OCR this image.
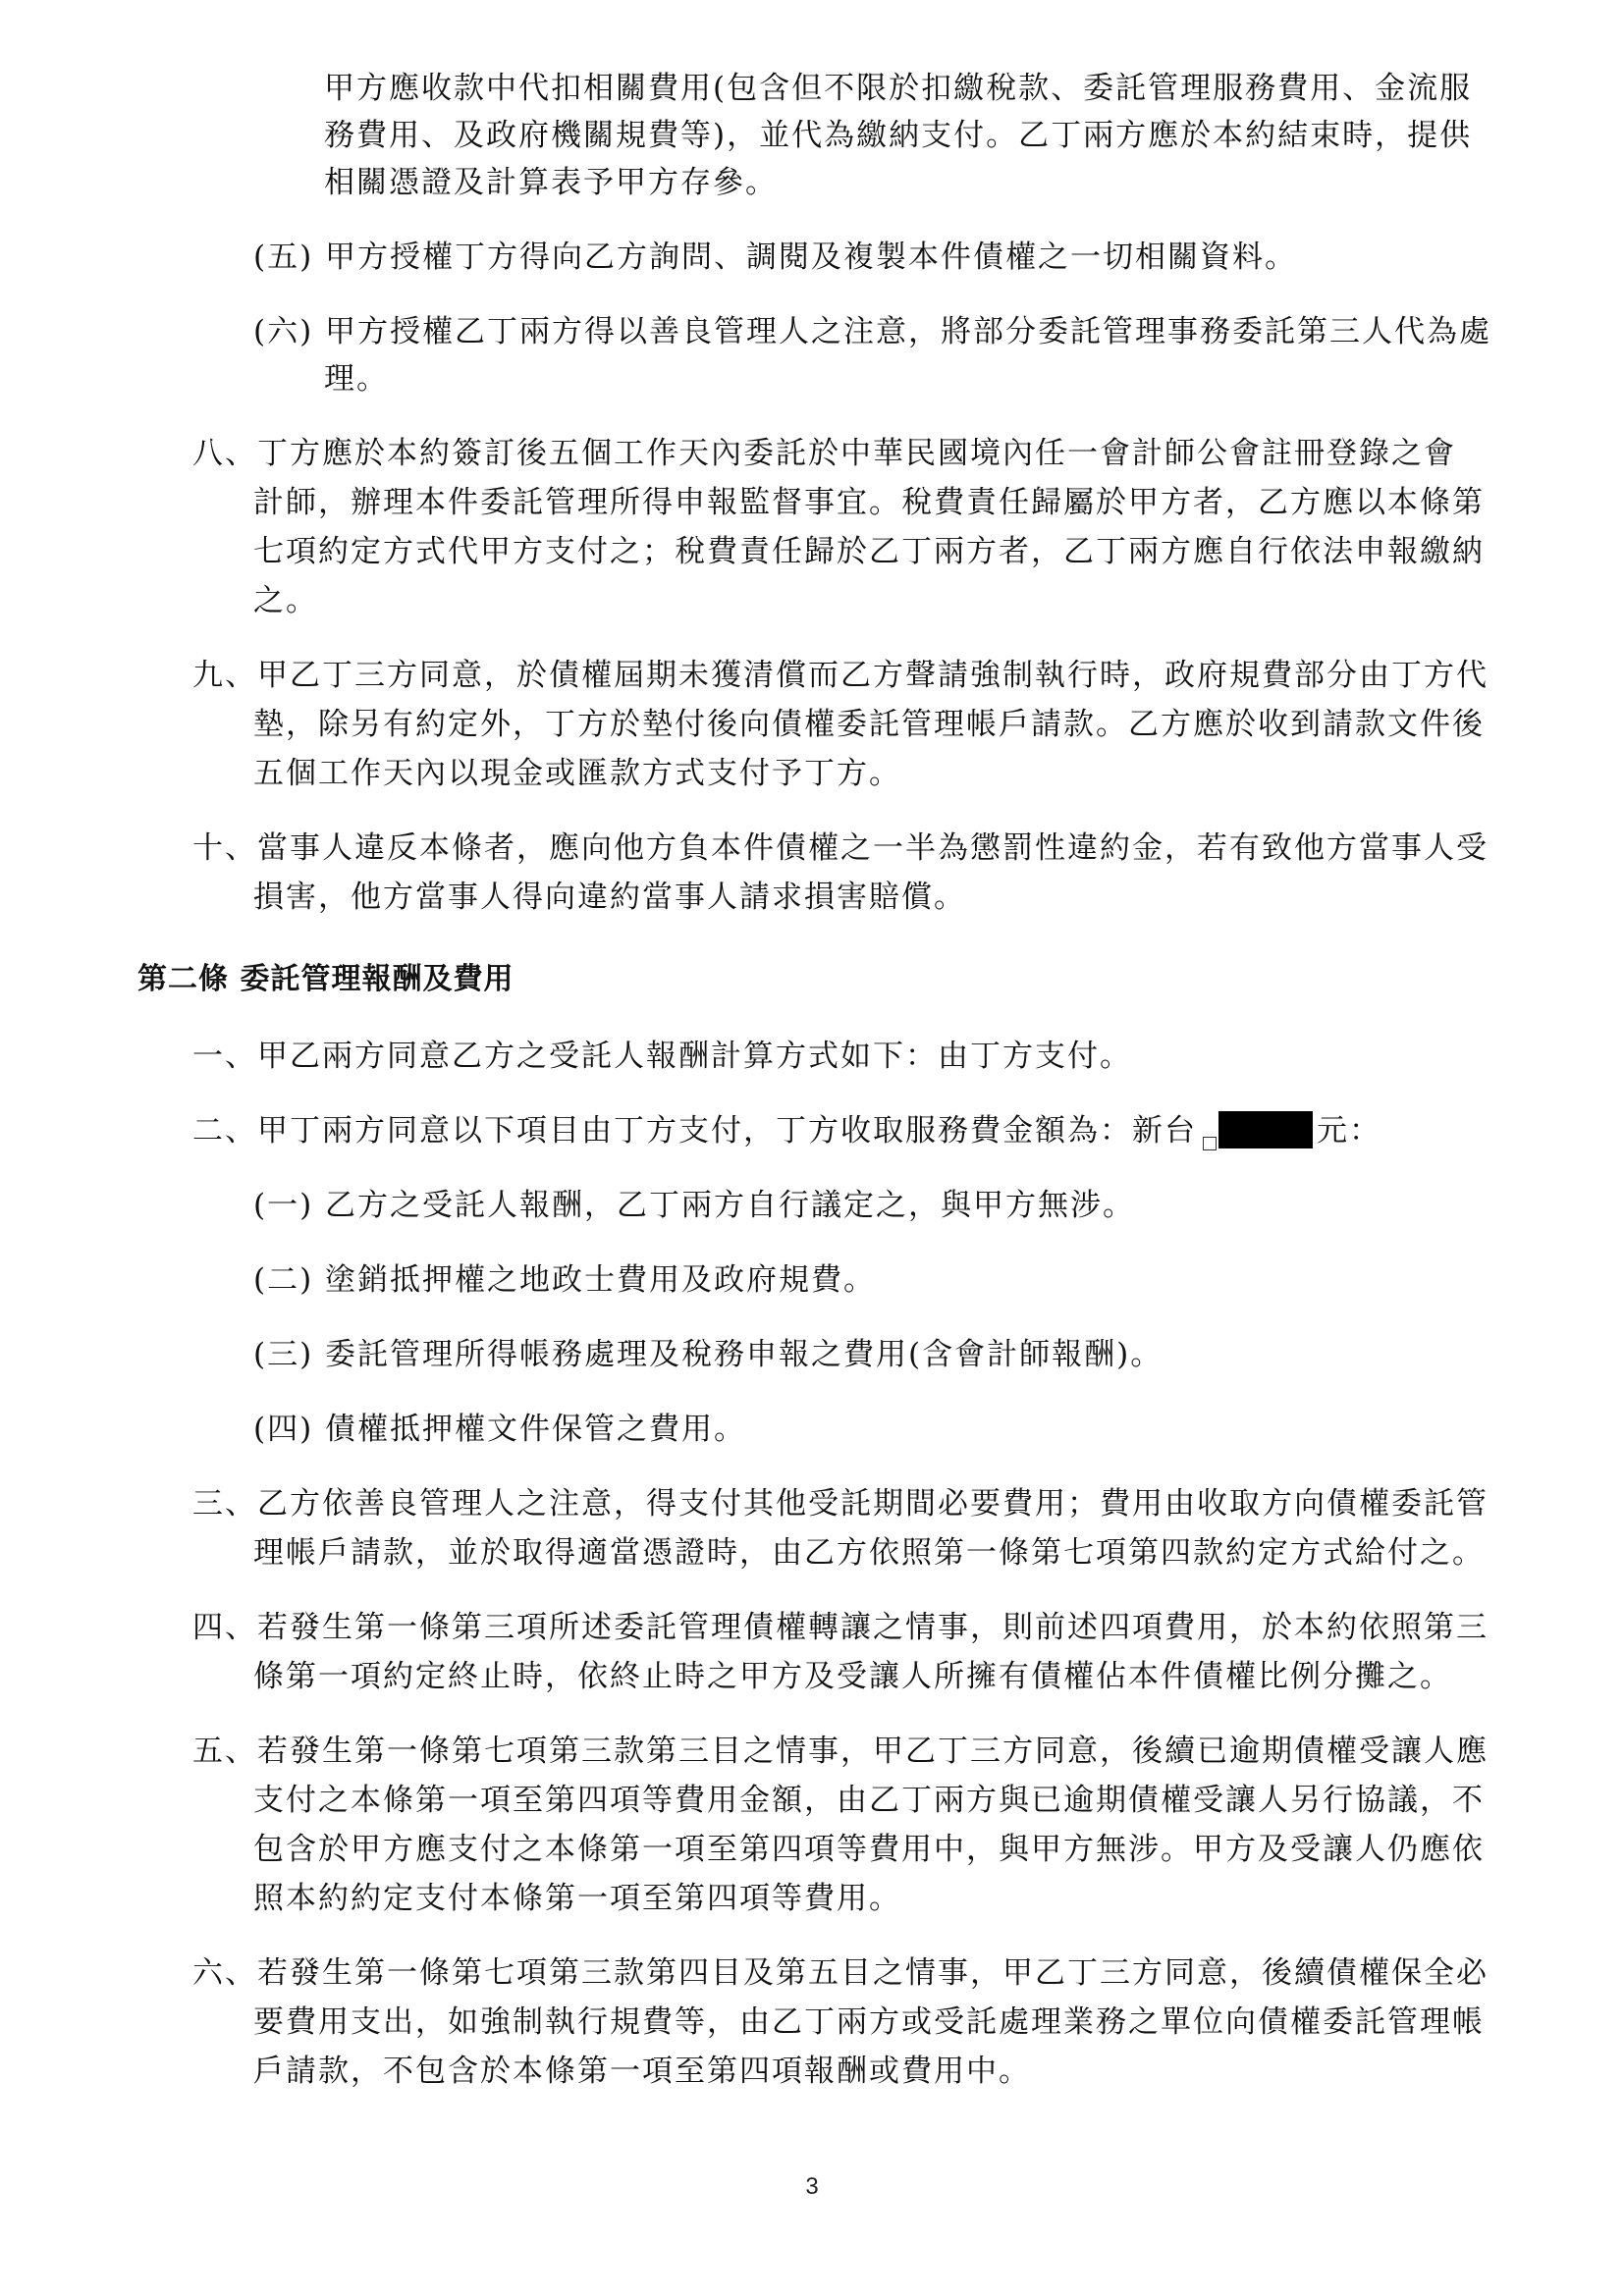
甲方應收款中代扣相關費用(包含但不限於扣繳稅款、委託管理服務費用、金流服
務費用、及政府機關規費等)，並代為繳納支付。乙丁兩方應於本約結束時，提供
相關憑證及計算表予甲方存參。
(五) 甲方授權丁方得向乙方詢問、調閱及複製本件債權之一切相關資料。
(六) 甲方授權乙丁兩方得以善良管理人之注意，將部分委託管理事務委託第三人代為處
理。
八、丁方應於本約簽訂後五個工作天內委託於中華民國境內任一會計師公會註冊登錄之會
計師，辦理本件委託管理所得申報監督事宜。稅費責任歸屬於甲方者，乙方應以本條第
七項約定方式代甲方支付之；稅費責任歸於乙丁兩方者，乙丁兩方應自行依法申報繳納
之。
九、甲乙丁三方同意，於債權屆期未獲清償而乙方聲請強制執行時，政府規費部分由丁方代
墊，除另有約定外，丁方於墊付後向債權委託管理帳戶請款。乙方應於收到請款文件後
五個工作天內以現金或匯款方式支付予丁方。
十、當事人違反本條者，應向他方負本件債權之一半為懲罰性違約金，若有致他方當事人受
損害，他方當事人得向違約當事人請求損害賠償。
第二條 委託管理報酬及費用
一、甲乙兩方同意乙方之受託人報酬計算方式如下：由丁方支付。
二、甲丁兩方同意以下項目由丁方支付，丁方收取服務費金額為：新台	元：
(一) 乙方之受託人報酬，乙丁兩方自行議定之，與甲方無涉。
(二) 塗銷抵押權之地政士費用及政府規費。
(三) 委託管理所得帳務處理及稅務申報之費用(含會計師報酬)。
(四) 債權抵押權文件保管之費用。
三、乙方依善良管理人之注意，得支付其他受託期間必要費用；費用由收取方向債權委託管
理帳戶請款，並於取得適當憑證時，由乙方依照第一條第七項第四款約定方式給付之。
四、若發生第一條第三項所述委託管理債權轉讓之情事，則前述四項費用，於本約依照第三
條第一項約定終止時，依終止時之甲方及受讓人所擁有債權佔本件債權比例分攤之。
五、若發生第一條第七項第三款第三目之情事，甲乙丁三方同意，後續已逾期債權受讓人應
支付之本條第一項至第四項等費用金額，由乙丁兩方與已逾期債權受讓人另行協議，不
包含於甲方應支付之本條第一項至第四項等費用中，與甲方無涉。甲方及受讓人仍應依
照本約約定支付本條第一項至第四項等費用。
六、若發生第一條第七項第三款第四目及第五目之情事，甲乙丁三方同意，後續債權保全必
要費用支出，如強制執行規費等，由乙丁兩方或受託處理業務之單位向債權委託管理帳
戶請款，不包含於本條第一項至第四項報酬或費用中。
3
